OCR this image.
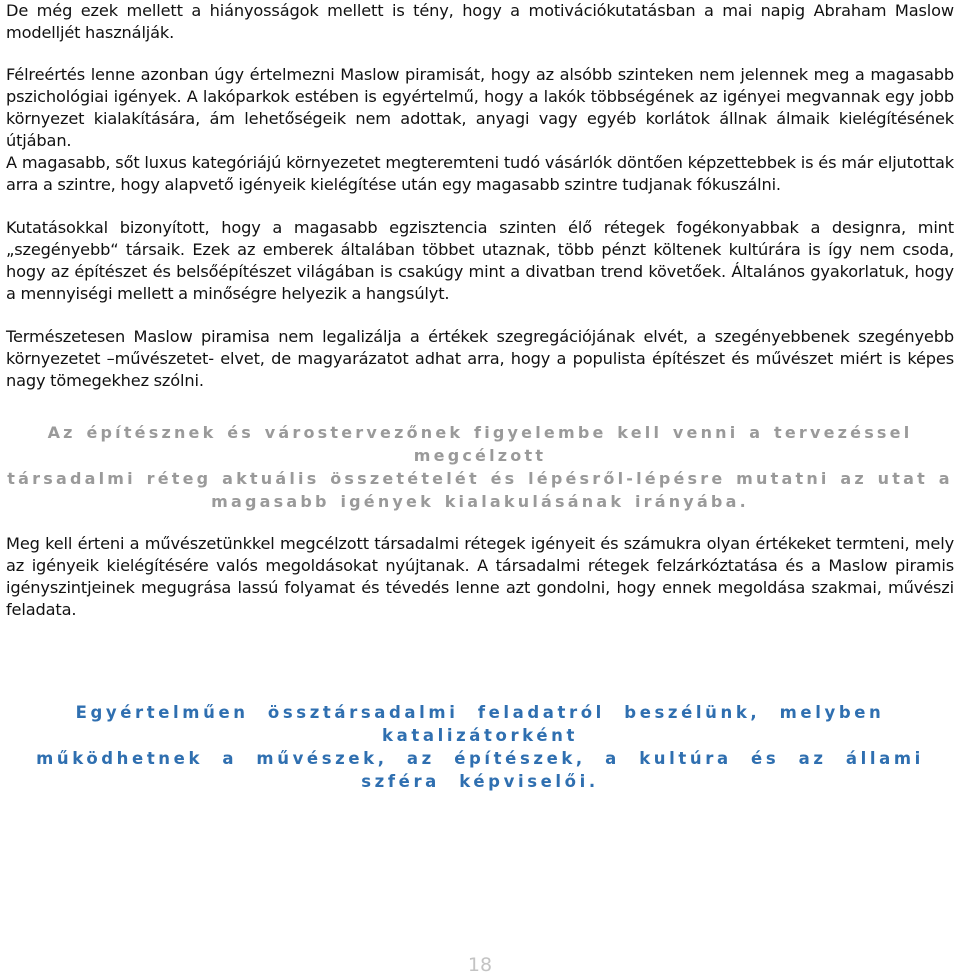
De még ezek mellett a hiányosságok mellett is tény, hogy a motivációkutatásban a mai napig Abraham Maslow modelljét használják.

Félreértés lenne azonban úgy értelmezni Maslow piramisát, hogy az alsóbb szinteken nem jelennek meg a magasabb pszichológiai igények. A lakóparkok estében is egyértelmű, hogy a lakók többségének az igényei megvannak egy jobb környezet kialakítására, ám lehetőségeik nem adottak, anyagi vagy egyéb korlátok állnak álmaik kielégítésének útjában.

A magasabb, sőt luxus kategóriájú környezetet megteremteni tudó vásárlók döntően képzettebbek is és már eljutottak arra a szintre, hogy alapvető igényeik kielégítése után egy magasabb szintre tudjanak fókuszálni.

Kutatásokkal bizonyított, hogy a magasabb egzisztencia szinten élő rétegek fogékonyabbak a designra, mint „szegényebb“ társaik. Ezek az emberek általában többet utaznak, több pénzt költenek kultúrára is így nem csoda, hogy az építészet és belsőépítészet világában is csakúgy mint a divatban trend követőek. Általános gyakorlatuk, hogy a mennyiségi mellett a minőségre helyezik a hangsúlyt.

Természetesen Maslow piramisa nem legalizálja a értékek szegregációjának elvét, a szegényebbenek szegényebb környezetet –művészetet- elvet, de magyarázatot adhat arra, hogy a populista építészet és művészet miért is képes nagy tömegekhez szólni.

Az építésznek és várostervezőnek figyelembe kell venni a tervezéssel megcélzott

társadalmi réteg aktuális összetételét és lépésről-lépésre mutatni az utat a

magasabb igények kialakulásának irányába.

Meg kell érteni a művészetünkkel megcélzott társadalmi rétegek igényeit és számukra olyan értékeket termteni, mely az igényeik kielégítésére valós megoldásokat nyújtanak. A társadalmi rétegek felzárkóztatása és a Maslow piramis igényszintjeinek megugrása lassú folyamat és tévedés lenne azt gondolni, hogy ennek megoldása szakmai, művészi feladata.

Egyértelműen össztársadalmi feladatról beszélünk, melyben katalizátorként

működhetnek a művészek, az építészek, a kultúra és az állami szféra képviselői.

18
